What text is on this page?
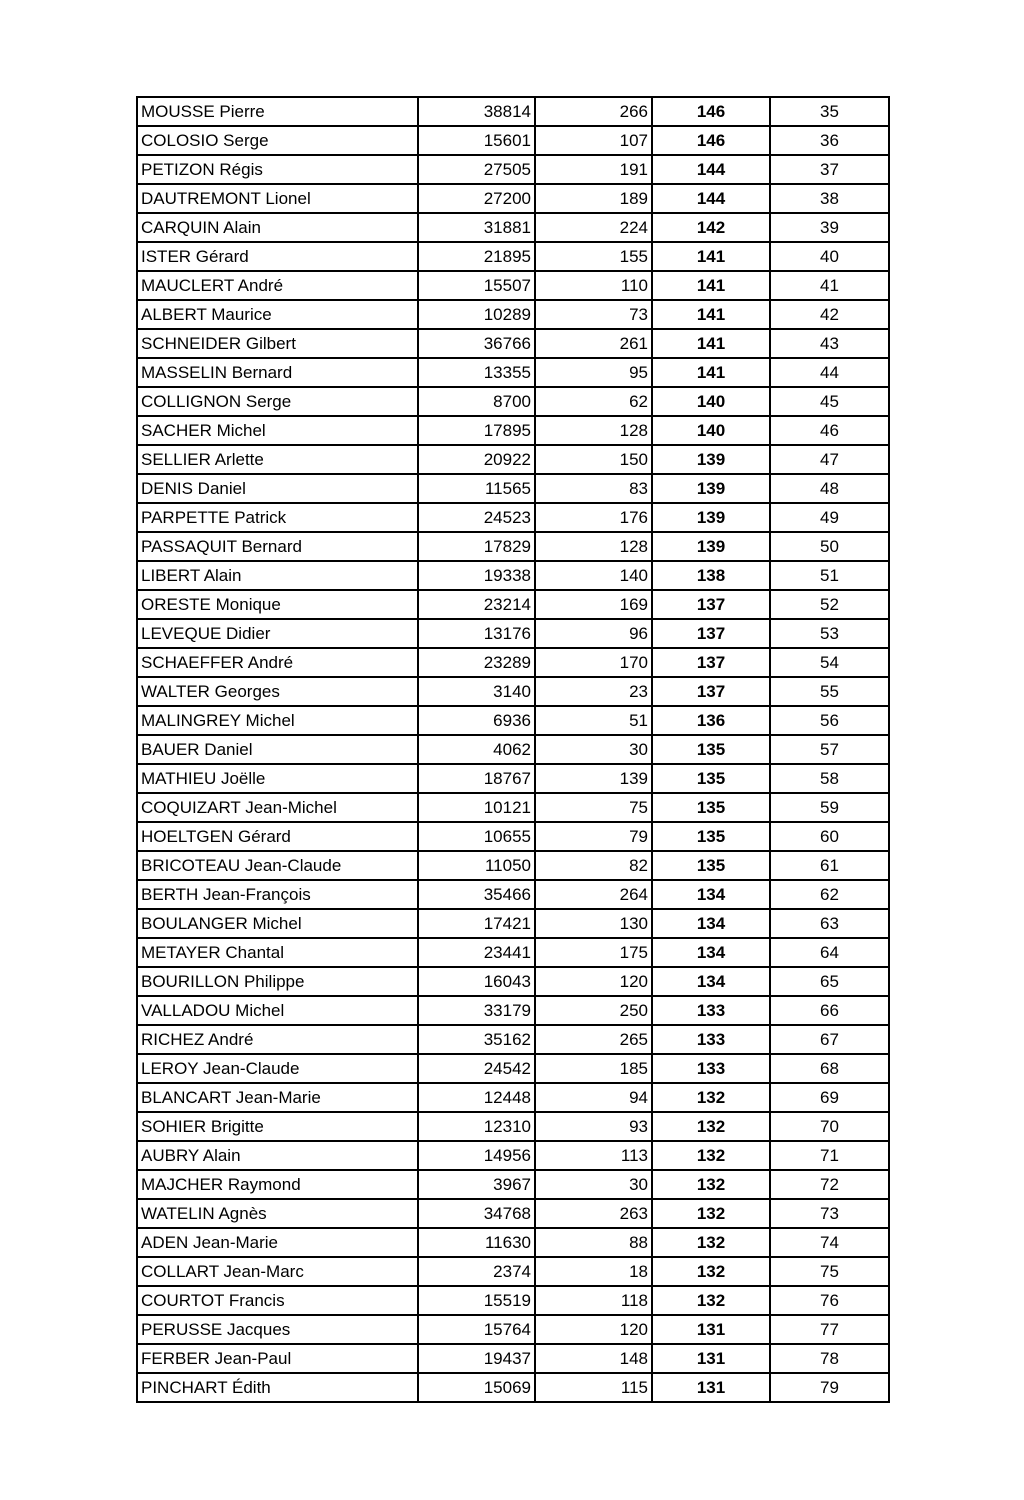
MOUSSE Pierre	38814	266	146	35
COLOSIO Serge	15601	107	146	36
PETIZON Régis	27505	191	144	37
DAUTREMONT Lionel	27200	189	144	38
CARQUIN Alain	31881	224	142	39
ISTER Gérard	21895	155	141	40
MAUCLERT André	15507	110	141	41
ALBERT Maurice	10289	73	141	42
SCHNEIDER Gilbert	36766	261	141	43
MASSELIN Bernard	13355	95	141	44
COLLIGNON Serge	8700	62	140	45
SACHER Michel	17895	128	140	46
SELLIER Arlette	20922	150	139	47
DENIS Daniel	11565	83	139	48
PARPETTE Patrick	24523	176	139	49
PASSAQUIT Bernard	17829	128	139	50
LIBERT Alain	19338	140	138	51
ORESTE Monique	23214	169	137	52
LEVEQUE Didier	13176	96	137	53
SCHAEFFER André	23289	170	137	54
WALTER Georges	3140	23	137	55
MALINGREY Michel	6936	51	136	56
BAUER Daniel	4062	30	135	57
MATHIEU Joëlle	18767	139	135	58
COQUIZART Jean-Michel	10121	75	135	59
HOELTGEN Gérard	10655	79	135	60
BRICOTEAU Jean-Claude	11050	82	135	61
BERTH Jean-François	35466	264	134	62
BOULANGER Michel	17421	130	134	63
METAYER Chantal	23441	175	134	64
BOURILLON Philippe	16043	120	134	65
VALLADOU Michel	33179	250	133	66
RICHEZ André	35162	265	133	67
LEROY Jean-Claude	24542	185	133	68
BLANCART Jean-Marie	12448	94	132	69
SOHIER Brigitte	12310	93	132	70
AUBRY Alain	14956	113	132	71
MAJCHER Raymond	3967	30	132	72
WATELIN Agnès	34768	263	132	73
ADEN Jean-Marie	11630	88	132	74
COLLART Jean-Marc	2374	18	132	75
COURTOT Francis	15519	118	132	76
PERUSSE Jacques	15764	120	131	77
FERBER Jean-Paul	19437	148	131	78
PINCHART Édith	15069	115	131	79
